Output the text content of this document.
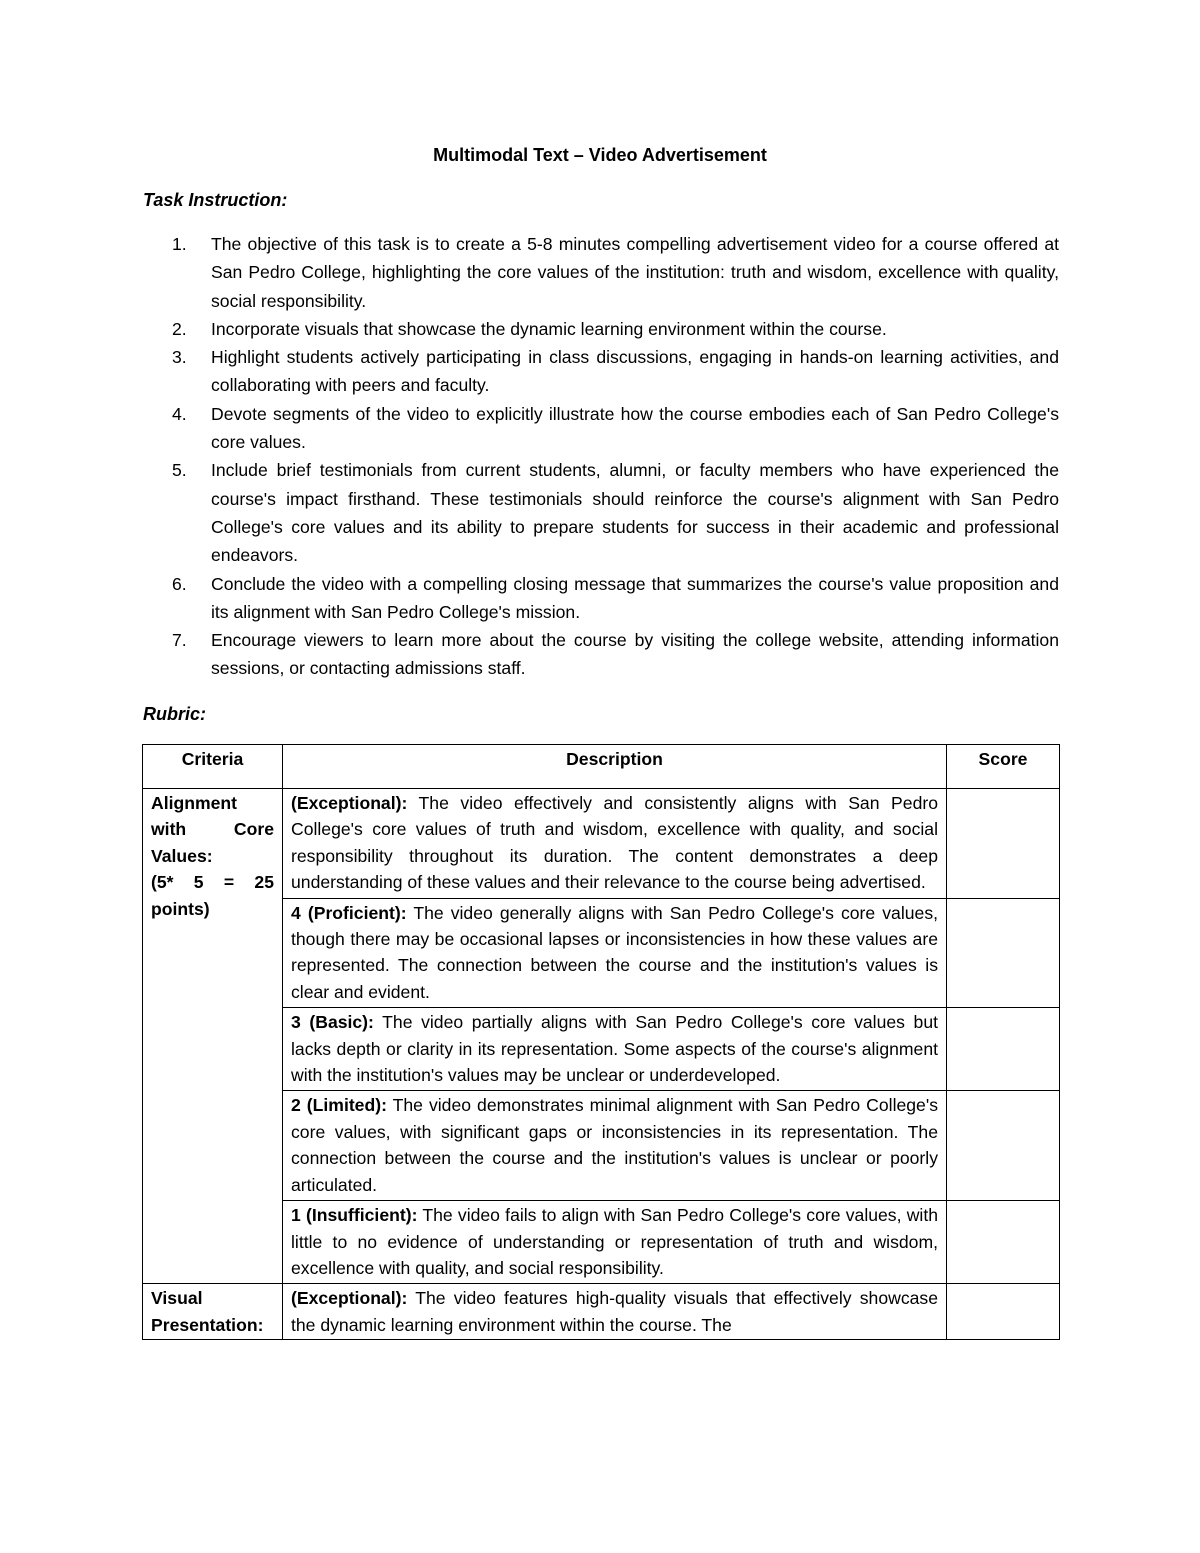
Multimodal Text – Video Advertisement
Task Instruction:
1. The objective of this task is to create a 5-8 minutes compelling advertisement video for a course offered at San Pedro College, highlighting the core values of the institution: truth and wisdom, excellence with quality, social responsibility.
2. Incorporate visuals that showcase the dynamic learning environment within the course.
3. Highlight students actively participating in class discussions, engaging in hands-on learning activities, and collaborating with peers and faculty.
4. Devote segments of the video to explicitly illustrate how the course embodies each of San Pedro College's core values.
5. Include brief testimonials from current students, alumni, or faculty members who have experienced the course's impact firsthand. These testimonials should reinforce the course's alignment with San Pedro College's core values and its ability to prepare students for success in their academic and professional endeavors.
6. Conclude the video with a compelling closing message that summarizes the course's value proposition and its alignment with San Pedro College's mission.
7. Encourage viewers to learn more about the course by visiting the college website, attending information sessions, or contacting admissions staff.
Rubric:
Criteria	Description	Score

Alignment with Core Values:
(5* 5 = 25 points)	(Exceptional): The video effectively and consistently aligns with San Pedro College's core values of truth and wisdom, excellence with quality, and social responsibility throughout its duration. The content demonstrates a deep understanding of these values and their relevance to the course being advertised.	
	4 (Proficient): The video generally aligns with San Pedro College's core values, though there may be occasional lapses or inconsistencies in how these values are represented. The connection between the course and the institution's values is clear and evident.	
	3 (Basic): The video partially aligns with San Pedro College's core values but lacks depth or clarity in its representation. Some aspects of the course's alignment with the institution's values may be unclear or underdeveloped.	
	2 (Limited): The video demonstrates minimal alignment with San Pedro College's core values, with significant gaps or inconsistencies in its representation. The connection between the course and the institution's values is unclear or poorly articulated.	
	1 (Insufficient): The video fails to align with San Pedro College's core values, with little to no evidence of understanding or representation of truth and wisdom, excellence with quality, and social responsibility.	

Visual Presentation:	(Exceptional): The video features high-quality visuals that effectively showcase the dynamic learning environment within the course. The	
